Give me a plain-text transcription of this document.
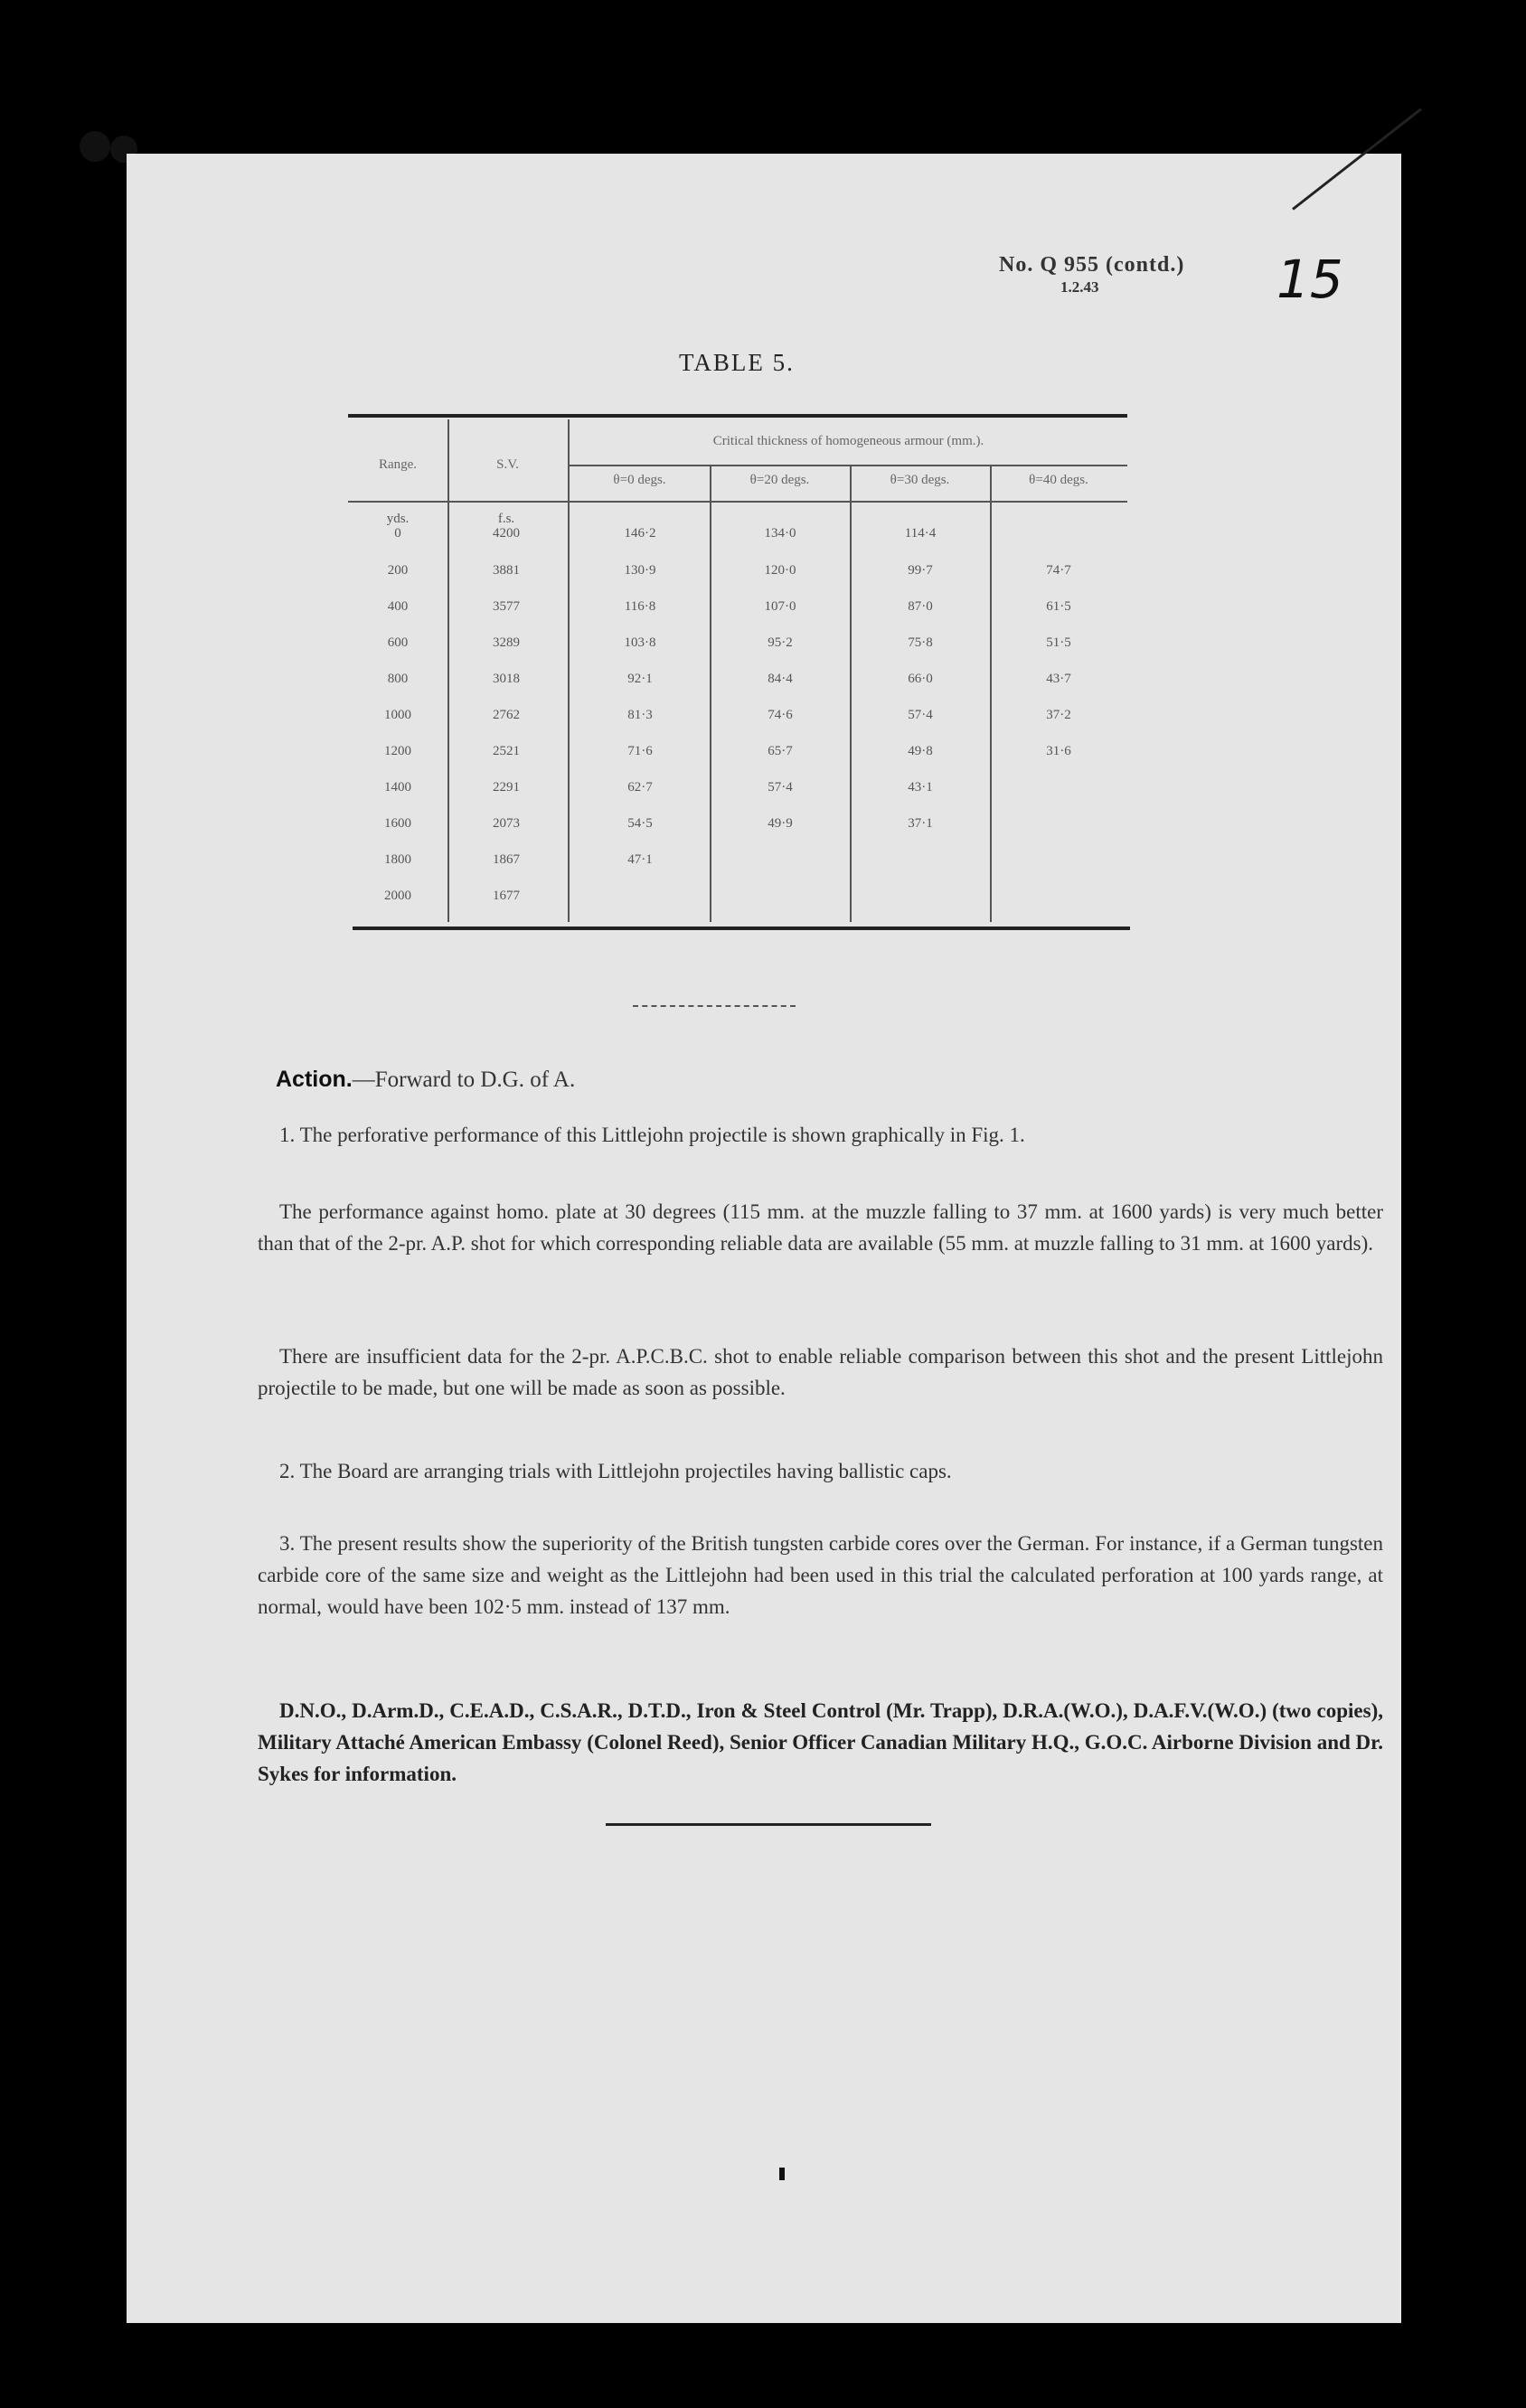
No. Q 955 (contd.)
1.2.43	15
TABLE 5.
Range.	S.V.
Critical thickness of homogeneous armour (mm.).
θ=0 degs.	θ=20 degs.	θ=30 degs.	θ=40 degs.
yds.	f.s.
0	4200	146·2	134·0	114·4
200	3881	130·9	120·0	99·7	74·7
400	3577	116·8	107·0	87·0	61·5
600	3289	103·8	95·2	75·8	51·5
800	3018	92·1	84·4	66·0	43·7
1000	2762	81·3	74·6	57·4	37·2
1200	2521	71·6	65·7	49·8	31·6
1400	2291	62·7	57·4	43·1
1600	2073	54·5	49·9	37·1
1800	1867	47·1
2000	1677
Action.—Forward to D.G. of A.
1. The perforative performance of this Littlejohn projectile is shown graphically in Fig. 1.
The performance against homo. plate at 30 degrees (115 mm. at the muzzle falling to 37 mm. at 1600 yards) is very much better than that of the 2-pr. A.P. shot for which corresponding reliable data are available (55 mm. at muzzle falling to 31 mm. at 1600 yards).
There are insufficient data for the 2-pr. A.P.C.B.C. shot to enable reliable comparison between this shot and the present Littlejohn projectile to be made, but one will be made as soon as possible.
2. The Board are arranging trials with Littlejohn projectiles having ballistic caps.
3. The present results show the superiority of the British tungsten carbide cores over the German. For instance, if a German tungsten carbide core of the same size and weight as the Littlejohn had been used in this trial the calculated perforation at 100 yards range, at normal, would have been 102·5 mm. instead of 137 mm.
D.N.O., D.Arm.D., C.E.A.D., C.S.A.R., D.T.D., Iron & Steel Control (Mr. Trapp), D.R.A.(W.O.), D.A.F.V.(W.O.) (two copies), Military Attaché American Embassy (Colonel Reed), Senior Officer Canadian Military H.Q., G.O.C. Airborne Division and Dr. Sykes for information.
